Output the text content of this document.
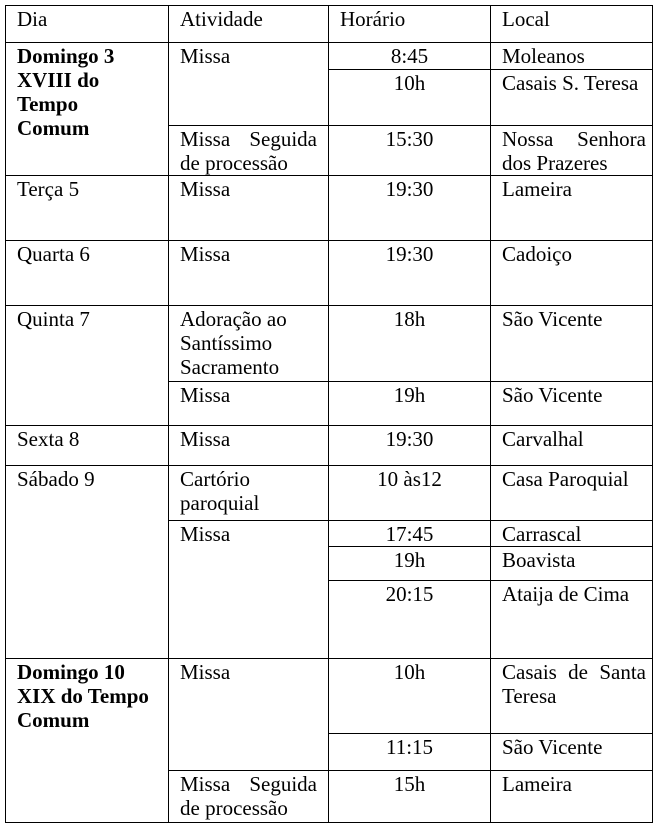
Dia	Atividade	Horário	Local
Domingo 3
XVIII do
Tempo
Comum	Missa	8:45	Moleanos
		10h	Casais S. Teresa
	Missa Seguida de processão	15:30	Nossa Senhora dos Prazeres
Terça 5	Missa	19:30	Lameira
Quarta 6	Missa	19:30	Cadoiço
Quinta 7	Adoração ao Santíssimo Sacramento	18h	São Vicente
	Missa	19h	São Vicente
Sexta 8	Missa	19:30	Carvalhal
Sábado 9	Cartório paroquial	10 às12	Casa Paroquial
	Missa	17:45	Carrascal
		19h	Boavista
		20:15	Ataija de Cima
Domingo 10
XIX do Tempo
Comum	Missa	10h	Casais de Santa Teresa
		11:15	São Vicente
	Missa Seguida de processão	15h	Lameira
